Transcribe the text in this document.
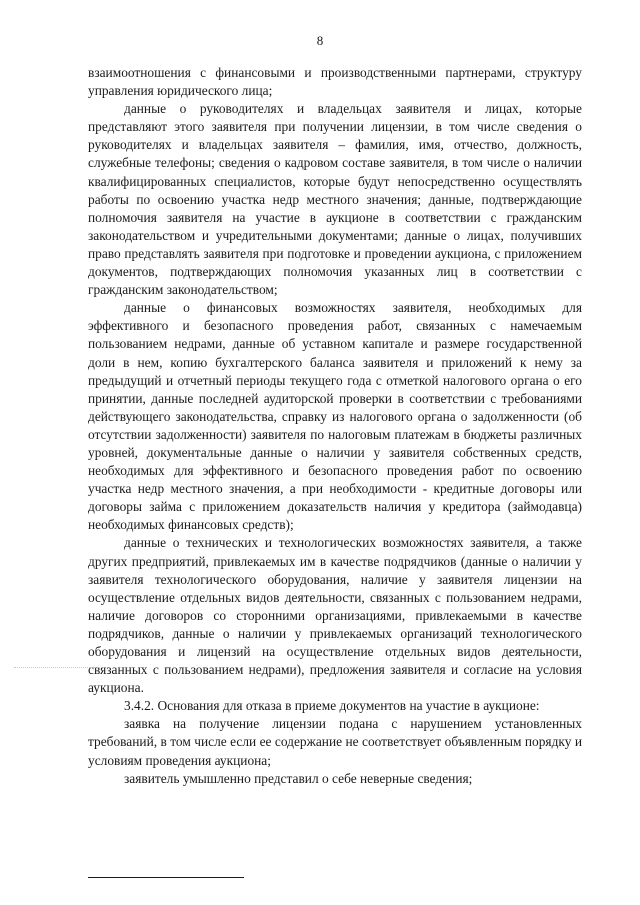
8

взаимоотношения с финансовыми и производственными партнерами, структуру управления юридического лица;

данные о руководителях и владельцах заявителя и лицах, которые представляют этого заявителя при получении лицензии, в том числе сведения о руководителях и владельцах заявителя – фамилия, имя, отчество, должность, служебные телефоны; сведения о кадровом составе заявителя, в том числе о наличии квалифицированных специалистов, которые будут непосредственно осуществлять работы по освоению участка недр местного значения; данные, подтверждающие полномочия заявителя на участие в аукционе в соответствии с гражданским законодательством и учредительными документами; данные о лицах, получивших право представлять заявителя при подготовке и проведении аукциона, с приложением документов, подтверждающих полномочия указанных лиц в соответствии с гражданским законодательством;

данные о финансовых возможностях заявителя, необходимых для эффективного и безопасного проведения работ, связанных с намечаемым пользованием недрами, данные об уставном капитале и размере государственной доли в нем, копию бухгалтерского баланса заявителя и приложений к нему за предыдущий и отчетный периоды текущего года с отметкой налогового органа о его принятии, данные последней аудиторской проверки в соответствии с требованиями действующего законодательства, справку из налогового органа о задолженности (об отсутствии задолженности) заявителя по налоговым платежам в бюджеты различных уровней, документальные данные о наличии у заявителя собственных средств, необходимых для эффективного и безопасного проведения работ по освоению участка недр местного значения, а при необходимости - кредитные договоры или договоры займа с приложением доказательств наличия у кредитора (займодавца) необходимых финансовых средств);

данные о технических и технологических возможностях заявителя, а также других предприятий, привлекаемых им в качестве подрядчиков (данные о наличии у заявителя технологического оборудования, наличие у заявителя лицензии на осуществление отдельных видов деятельности, связанных с пользованием недрами, наличие договоров со сторонними организациями, привлекаемыми в качестве подрядчиков, данные о наличии у привлекаемых организаций технологического оборудования и лицензий на осуществление отдельных видов деятельности, связанных с пользованием недрами), предложения заявителя и согласие на условия аукциона.

3.4.2. Основания для отказа в приеме документов на участие в аукционе:

заявка на получение лицензии подана с нарушением установленных требований, в том числе если ее содержание не соответствует объявленным порядку и условиям проведения аукциона;

заявитель умышленно представил о себе неверные сведения;
